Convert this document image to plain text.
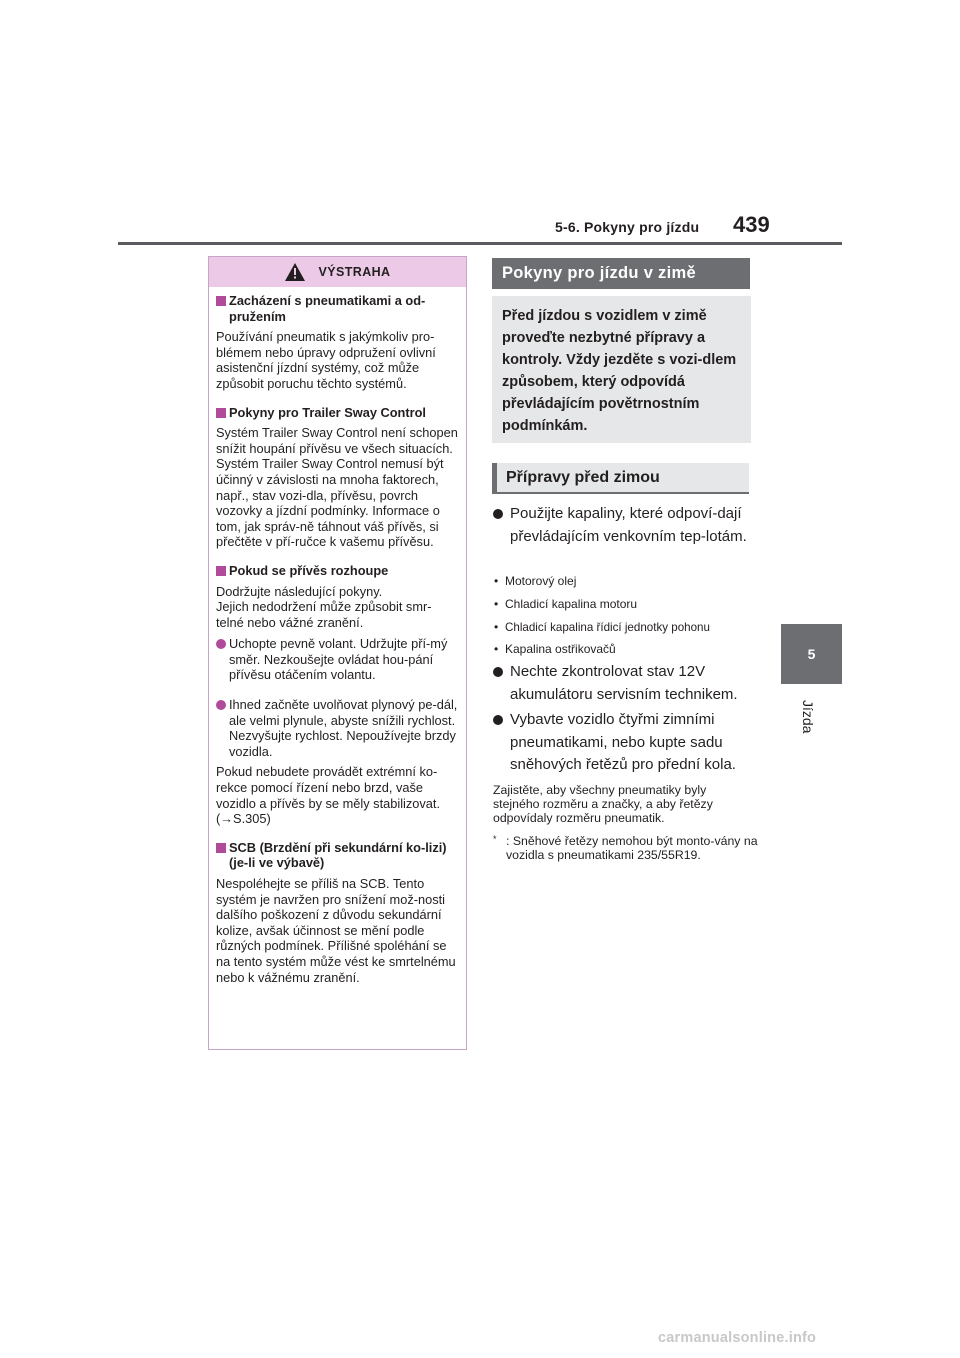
5-6. Pokyny pro jízdu 439
5
Jízda
VÝSTRAHA
Zacházení s pneumatikami a od-pružením
Používání pneumatik s jakýmkoliv pro-blémem nebo úpravy odpružení ovlivní asistenční jízdní systémy, což může způsobit poruchu těchto systémů.
Pokyny pro Trailer Sway Control
Systém Trailer Sway Control není schopen snížit houpání přívěsu ve všech situacích. Systém Trailer Sway Control nemusí být účinný v závislosti na mnoha faktorech, např., stav vozi-dla, přívěsu, povrch vozovky a jízdní podmínky. Informace o tom, jak správ-ně táhnout váš přívěs, si přečtěte v pří-ručce k vašemu přívěsu.
Pokud se přívěs rozhoupe
Dodržujte následující pokyny.
Jejich nedodržení může způsobit smr-telné nebo vážné zranění.
Uchopte pevně volant. Udržujte pří-mý směr. Nezkoušejte ovládat hou-pání přívěsu otáčením volantu.
Ihned začněte uvolňovat plynový pe-dál, ale velmi plynule, abyste snížili rychlost.
Nezvyšujte rychlost. Nepoužívejte brzdy vozidla.
Pokud nebudete provádět extrémní ko-rekce pomocí řízení nebo brzd, vaše vozidlo a přívěs by se měly stabilizovat.
(→S.305)
SCB (Brzdění při sekundární ko-lizi) (je-li ve výbavě)
Nespoléhejte se příliš na SCB. Tento systém je navržen pro snížení mož-nosti dalšího poškození z důvodu sekundární kolize, avšak účinnost se mění podle různých podmínek. Přílišné spoléhání se na tento systém může vést ke smrtelnému nebo k vážnému zranění.
Pokyny pro jízdu v zimě
Před jízdou s vozidlem v zimě proveďte nezbytné přípravy a kontroly. Vždy jezděte s vozi-dlem způsobem, který odpovídá převládajícím povětrnostním podmínkám.
Přípravy před zimou
Použijte kapaliny, které odpoví-dají převládajícím venkovním tep-lotám.
• Motorový olej
• Chladicí kapalina motoru
• Chladicí kapalina řídicí jednotky pohonu
• Kapalina ostřikovačů
Nechte zkontrolovat stav 12V akumulátoru servisním technikem.
Vybavte vozidlo čtyřmi zimními pneumatikami, nebo kupte sadu sněhových řetězů pro přední kola.
Zajistěte, aby všechny pneumatiky byly stejného rozměru a značky, a aby řetězy odpovídaly rozměru pneumatik.
* : Sněhové řetězy nemohou být monto-vány na vozidla s pneumatikami 235/55R19.
carmanualsonline.info
